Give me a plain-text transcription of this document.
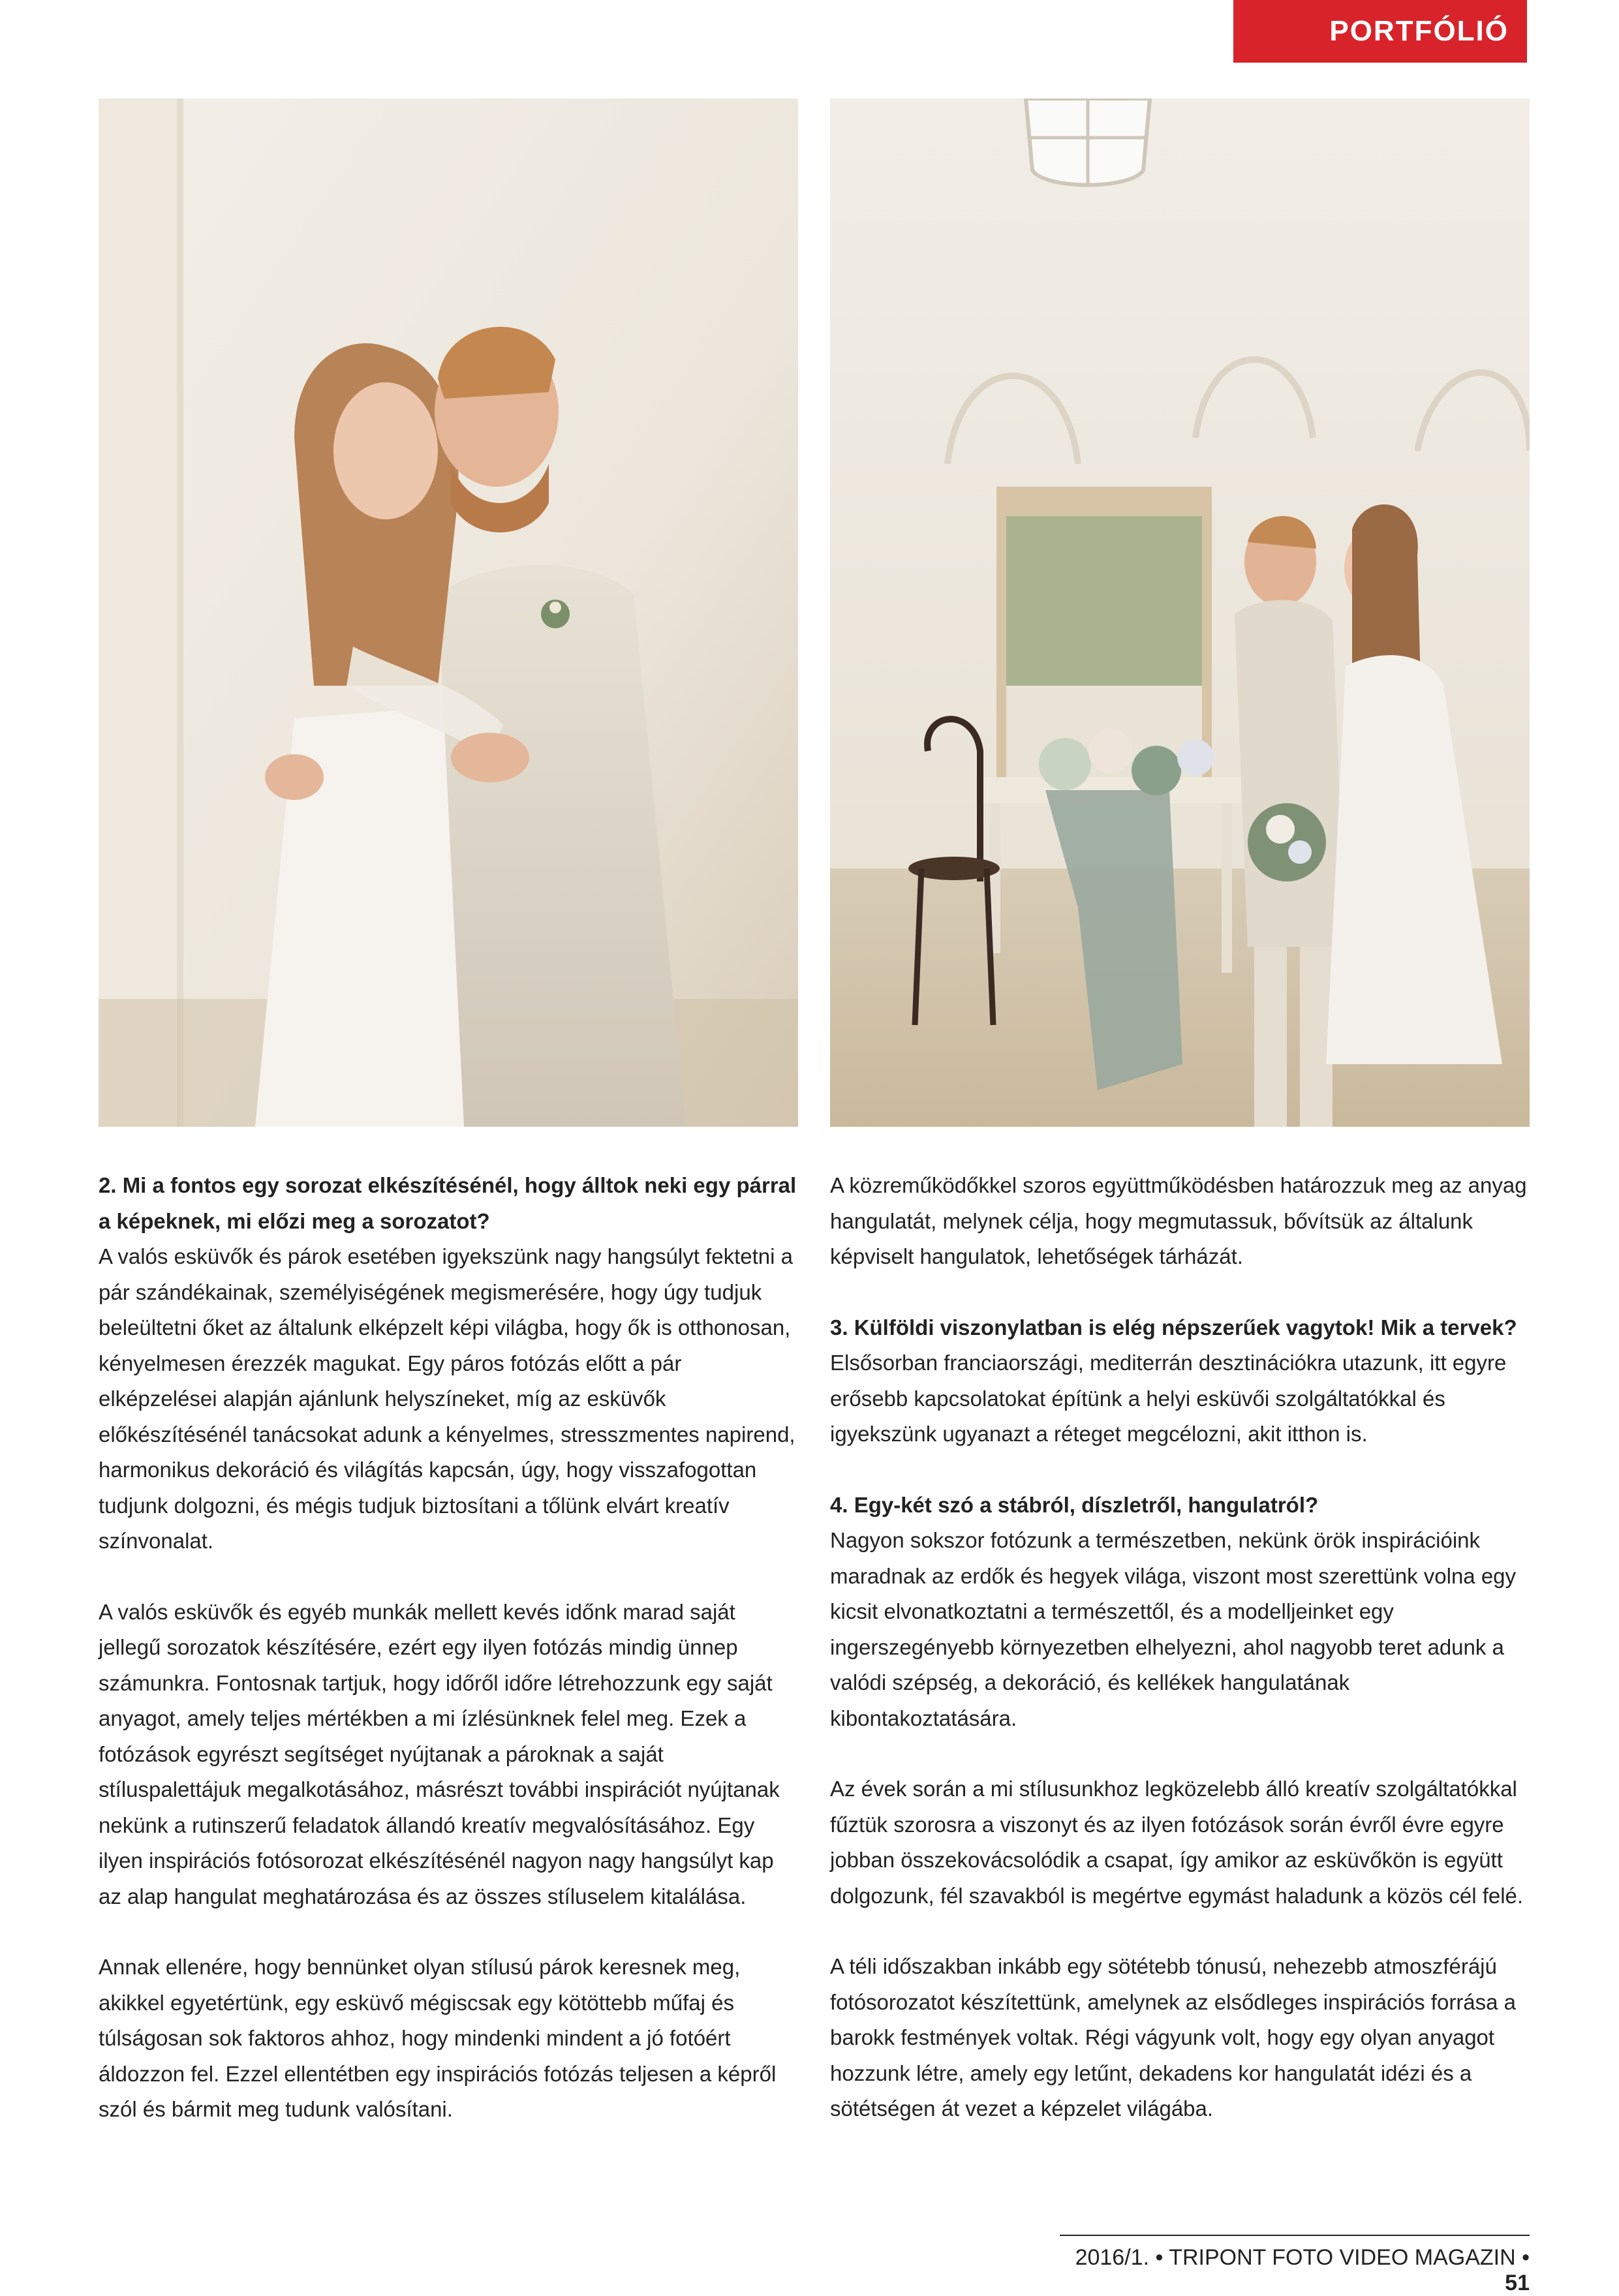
PORTFÓLIÓ

2. Mi a fontos egy sorozat elkészítésénél, hogy álltok neki egy párral a képeknek, mi előzi meg a sorozatot?
A valós esküvők és párok esetében igyekszünk nagy hangsúlyt fektetni a pár szándékainak, személyiségének megismerésére, hogy úgy tudjuk beleültetni őket az általunk elképzelt képi világba, hogy ők is otthonosan, kényelmesen érezzék magukat. Egy páros fotózás előtt a pár elképzelései alapján ajánlunk helyszíneket, míg az esküvők előkészítésénél tanácsokat adunk a kényelmes, stresszmentes napirend, harmonikus dekoráció és világítás kapcsán, úgy, hogy visszafogottan tudjunk dolgozni, és mégis tudjuk biztosítani a tőlünk elvárt kreatív színvonalat.

A valós esküvők és egyéb munkák mellett kevés időnk marad saját jellegű sorozatok készítésére, ezért egy ilyen fotózás mindig ünnep számunkra. Fontosnak tartjuk, hogy időről időre létrehozzunk egy saját anyagot, amely teljes mértékben a mi ízlésünknek felel meg. Ezek a fotózások egyrészt segítséget nyújtanak a pároknak a saját stíluspalettájuk megalkotásához, másrészt további inspirációt nyújtanak nekünk a rutinszerű feladatok állandó kreatív megvalósításához. Egy ilyen inspirációs fotósorozat elkészítésénél nagyon nagy hangsúlyt kap az alap hangulat meghatározása és az összes stíluselem kitalálása.

Annak ellenére, hogy bennünket olyan stílusú párok keresnek meg, akikkel egyetértünk, egy esküvő mégiscsak egy kötöttebb műfaj és túlságosan sok faktoros ahhoz, hogy mindenki mindent a jó fotóért áldozzon fel. Ezzel ellentétben egy inspirációs fotózás teljesen a képről szól és bármit meg tudunk valósítani.

A közreműködőkkel szoros együttműködésben határozzuk meg az anyag hangulatát, melynek célja, hogy megmutassuk, bővítsük az általunk képviselt hangulatok, lehetőségek tárházát.

3. Külföldi viszonylatban is elég népszerűek vagytok! Mik a tervek?
Elsősorban franciaországi, mediterrán desztinációkra utazunk, itt egyre erősebb kapcsolatokat építünk a helyi esküvői szolgáltatókkal és igyekszünk ugyanazt a réteget megcélozni, akit itthon is.

4. Egy-két szó a stábról, díszletről, hangulatról?
Nagyon sokszor fotózunk a természetben, nekünk örök inspirációink maradnak az erdők és hegyek világa, viszont most szerettünk volna egy kicsit elvonatkoztatni a természettől, és a modelljeinket egy ingerszegényebb környezetben elhelyezni, ahol nagyobb teret adunk a valódi szépség, a dekoráció, és kellékek hangulatának kibontakoztatására.

Az évek során a mi stílusunkhoz legközelebb álló kreatív szolgáltatókkal fűztük szorosra a viszonyt és az ilyen fotózások során évről évre egyre jobban összekovácsolódik a csapat, így amikor az esküvőkön is együtt dolgozunk, fél szavakból is megértve egymást haladunk a közös cél felé.

A téli időszakban inkább egy sötétebb tónusú, nehezebb atmoszférájú fotósorozatot készítettünk, amelynek az elsődleges inspirációs forrása a barokk festmények voltak. Régi vágyunk volt, hogy egy olyan anyagot hozzunk létre, amely egy letűnt, dekadens kor hangulatát idézi és a sötétségen át vezet a képzelet világába.

2016/1. • TRIPONT FOTO VIDEO MAGAZIN • 51
